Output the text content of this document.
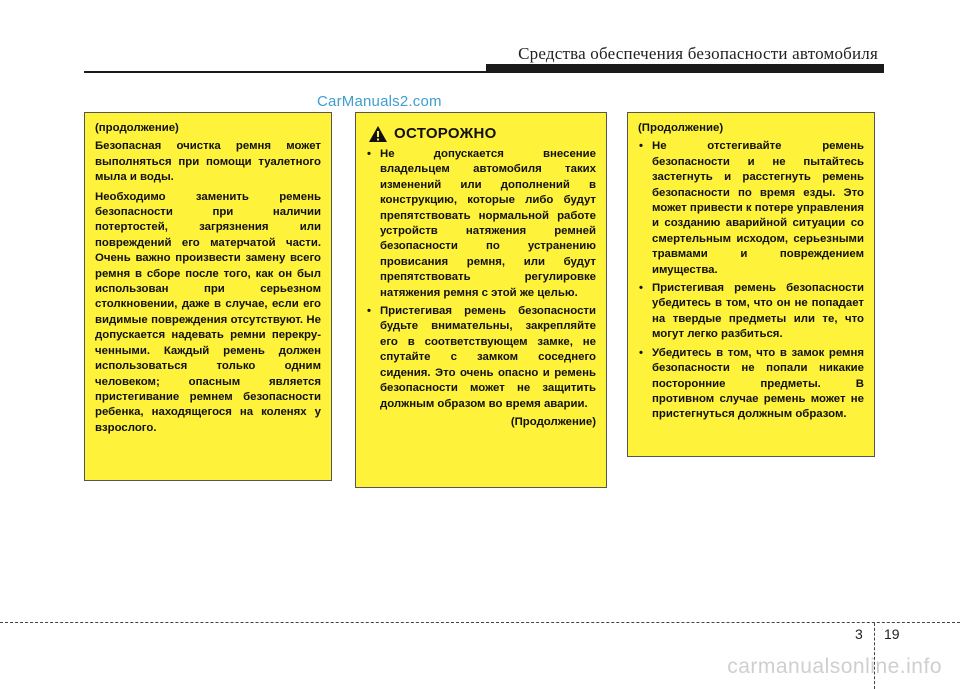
Средства обеспечения безопасности автомобиля
CarManuals2.com
(продолжение)

Безопасная очистка ремня может выполняться при помощи туалетного мыла и воды.

Необходимо заменить ремень безопасности при наличии потертостей, загрязнения или повреждений его матерчатой части. Очень важно произвести замену всего ремня в сборе после того, как он был использован при серьезном столкновении, даже в случае, если его видимые повреждения отсутствуют. Не допускается надевать ремни перекру-ченными. Каждый ремень должен использоваться только одним человеком; опасным является пристегивание ремнем безопасности ребенка, находящегося на коленях у взрослого.

ОСТОРОЖНО
• Не допускается внесение владельцем автомобиля таких изменений или дополнений в конструкцию, которые либо будут препятствовать нормальной работе устройств натяжения ремней безопасности по устранению провисания ремня, или будут препятствовать регулировке натяжения ремня с этой же целью.
• Пристегивая ремень безопасности будьте внимательны, закрепляйте его в соответствующем замке, не спутайте с замком соседнего сидения. Это очень опасно и ремень безопасности может не защитить должным образом во время аварии.
(Продолжение)
(Продолжение)
• Не отстегивайте ремень безопасности и не пытайтесь застегнуть и расстегнуть ремень безопасности по время езды. Это может привести к потере управления и созданию аварийной ситуации со смертельным исходом, серьезными травмами и повреждением имущества.
• Пристегивая ремень безопасности убедитесь в том, что он не попадает на твердые предметы или те, что могут легко разбиться.
• Убедитесь в том, что в замок ремня безопасности не попали никакие посторонние предметы. В противном случае ремень может не пристегнуться должным образом.
3 19
carmanualsonline.info
